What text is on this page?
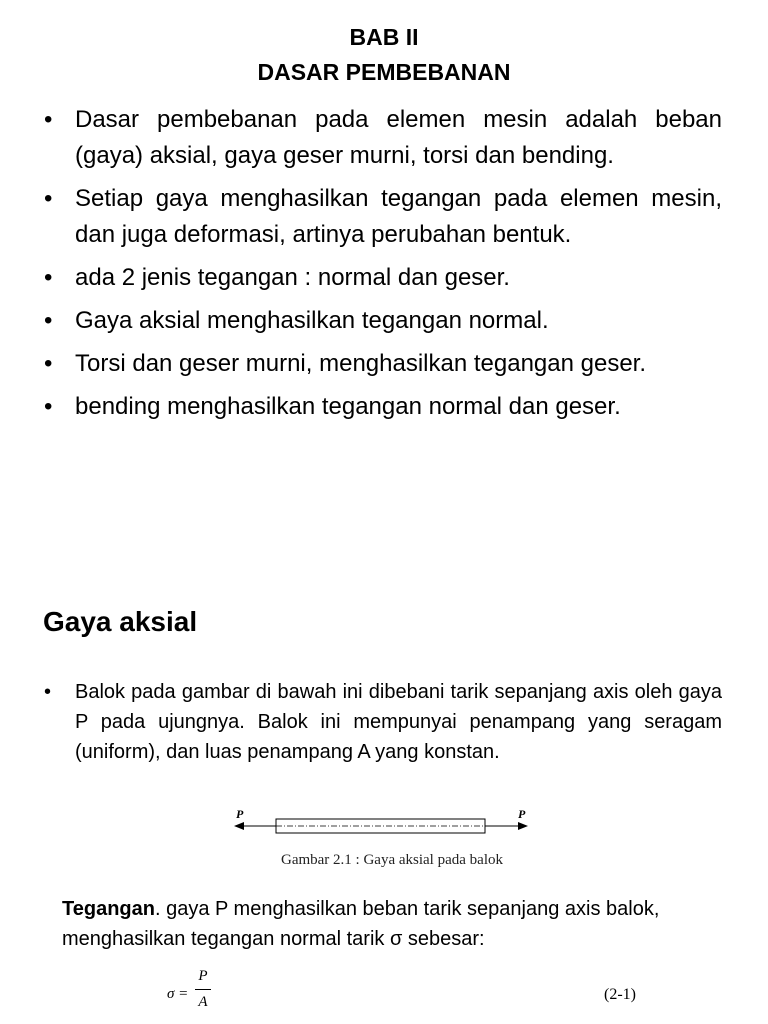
BAB II
DASAR PEMBEBANAN
• Dasar pembebanan pada elemen mesin adalah beban (gaya) aksial, gaya geser murni, torsi dan bending.
• Setiap gaya menghasilkan tegangan pada elemen mesin, dan juga deformasi, artinya perubahan bentuk.
• ada 2 jenis tegangan : normal dan geser.
• Gaya aksial menghasilkan tegangan normal.
• Torsi dan geser murni, menghasilkan tegangan geser.
• bending menghasilkan tegangan normal dan geser.
Gaya aksial
• Balok pada gambar di bawah ini dibebani tarik sepanjang axis oleh gaya P pada ujungnya. Balok ini mempunyai penampang yang seragam (uniform), dan luas penampang A yang konstan.
P	P
Gambar 2.1 : Gaya aksial pada balok
Tegangan. gaya P menghasilkan beban tarik sepanjang axis balok, menghasilkan tegangan normal tarik σ sebesar:
σ =
P
A	(2-1)
